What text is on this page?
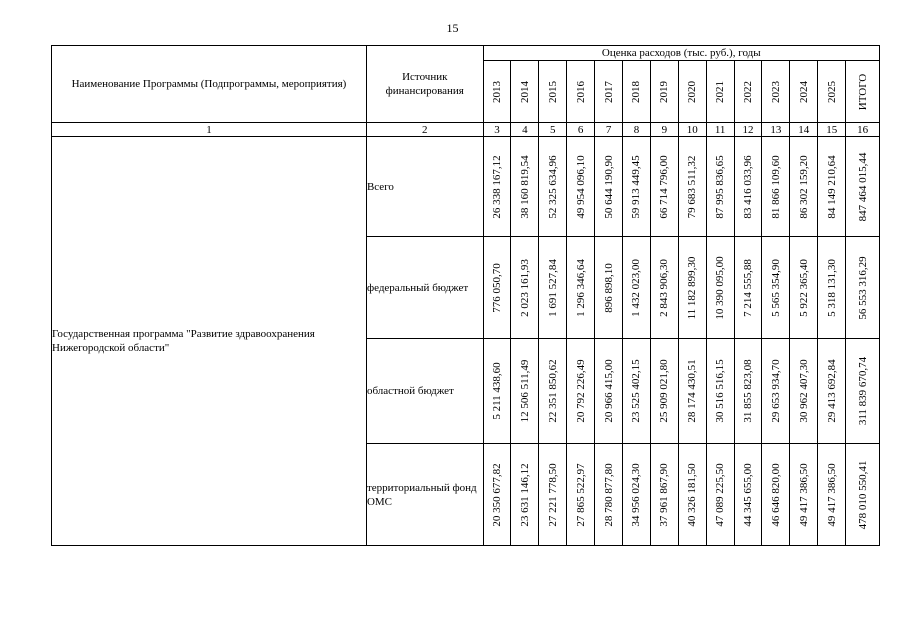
15
Наименование Программы (Подпрограммы, мероприятия)	Источник финансирования	Оценка расходов (тыс. руб.), годы													

		2013	2014	2015	2016	2017	2018	2019	2020	2021	2022	2023	2024	2025	ИТОГО

1	2	3	4	5	6	7	8	9	10	11	12	13	14	15	16
Государственная программа "Развитие здравоохранения Нижегородской области"	Всего	26 338 167,12	38 160 819,54	52 325 634,96	49 954 096,10	50 644 190,90	59 913 449,45	66 714 796,00	79 683 511,32	87 995 836,65	83 416 033,96	81 866 109,60	86 302 159,20	84 149 210,64	847 464 015,44

	федеральный бюджет	776 050,70	2 023 161,93	1 691 527,84	1 296 346,64	896 898,10	1 432 023,00	2 843 906,30	11 182 899,30	10 390 095,00	7 214 555,88	5 565 354,90	5 922 365,40	5 318 131,30	56 553 316,29

	областной бюджет	5 211 438,60	12 506 511,49	22 351 850,62	20 792 226,49	20 966 415,00	23 525 402,15	25 909 021,80	28 174 430,51	30 516 516,15	31 855 823,08	29 653 934,70	30 962 407,30	29 413 692,84	311 839 670,74

	территориальный фонд ОМС	20 350 677,82	23 631 146,12	27 221 778,50	27 865 522,97	28 780 877,80	34 956 024,30	37 961 867,90	40 326 181,50	47 089 225,50	44 345 655,00	46 646 820,00	49 417 386,50	49 417 386,50	478 010 550,41
